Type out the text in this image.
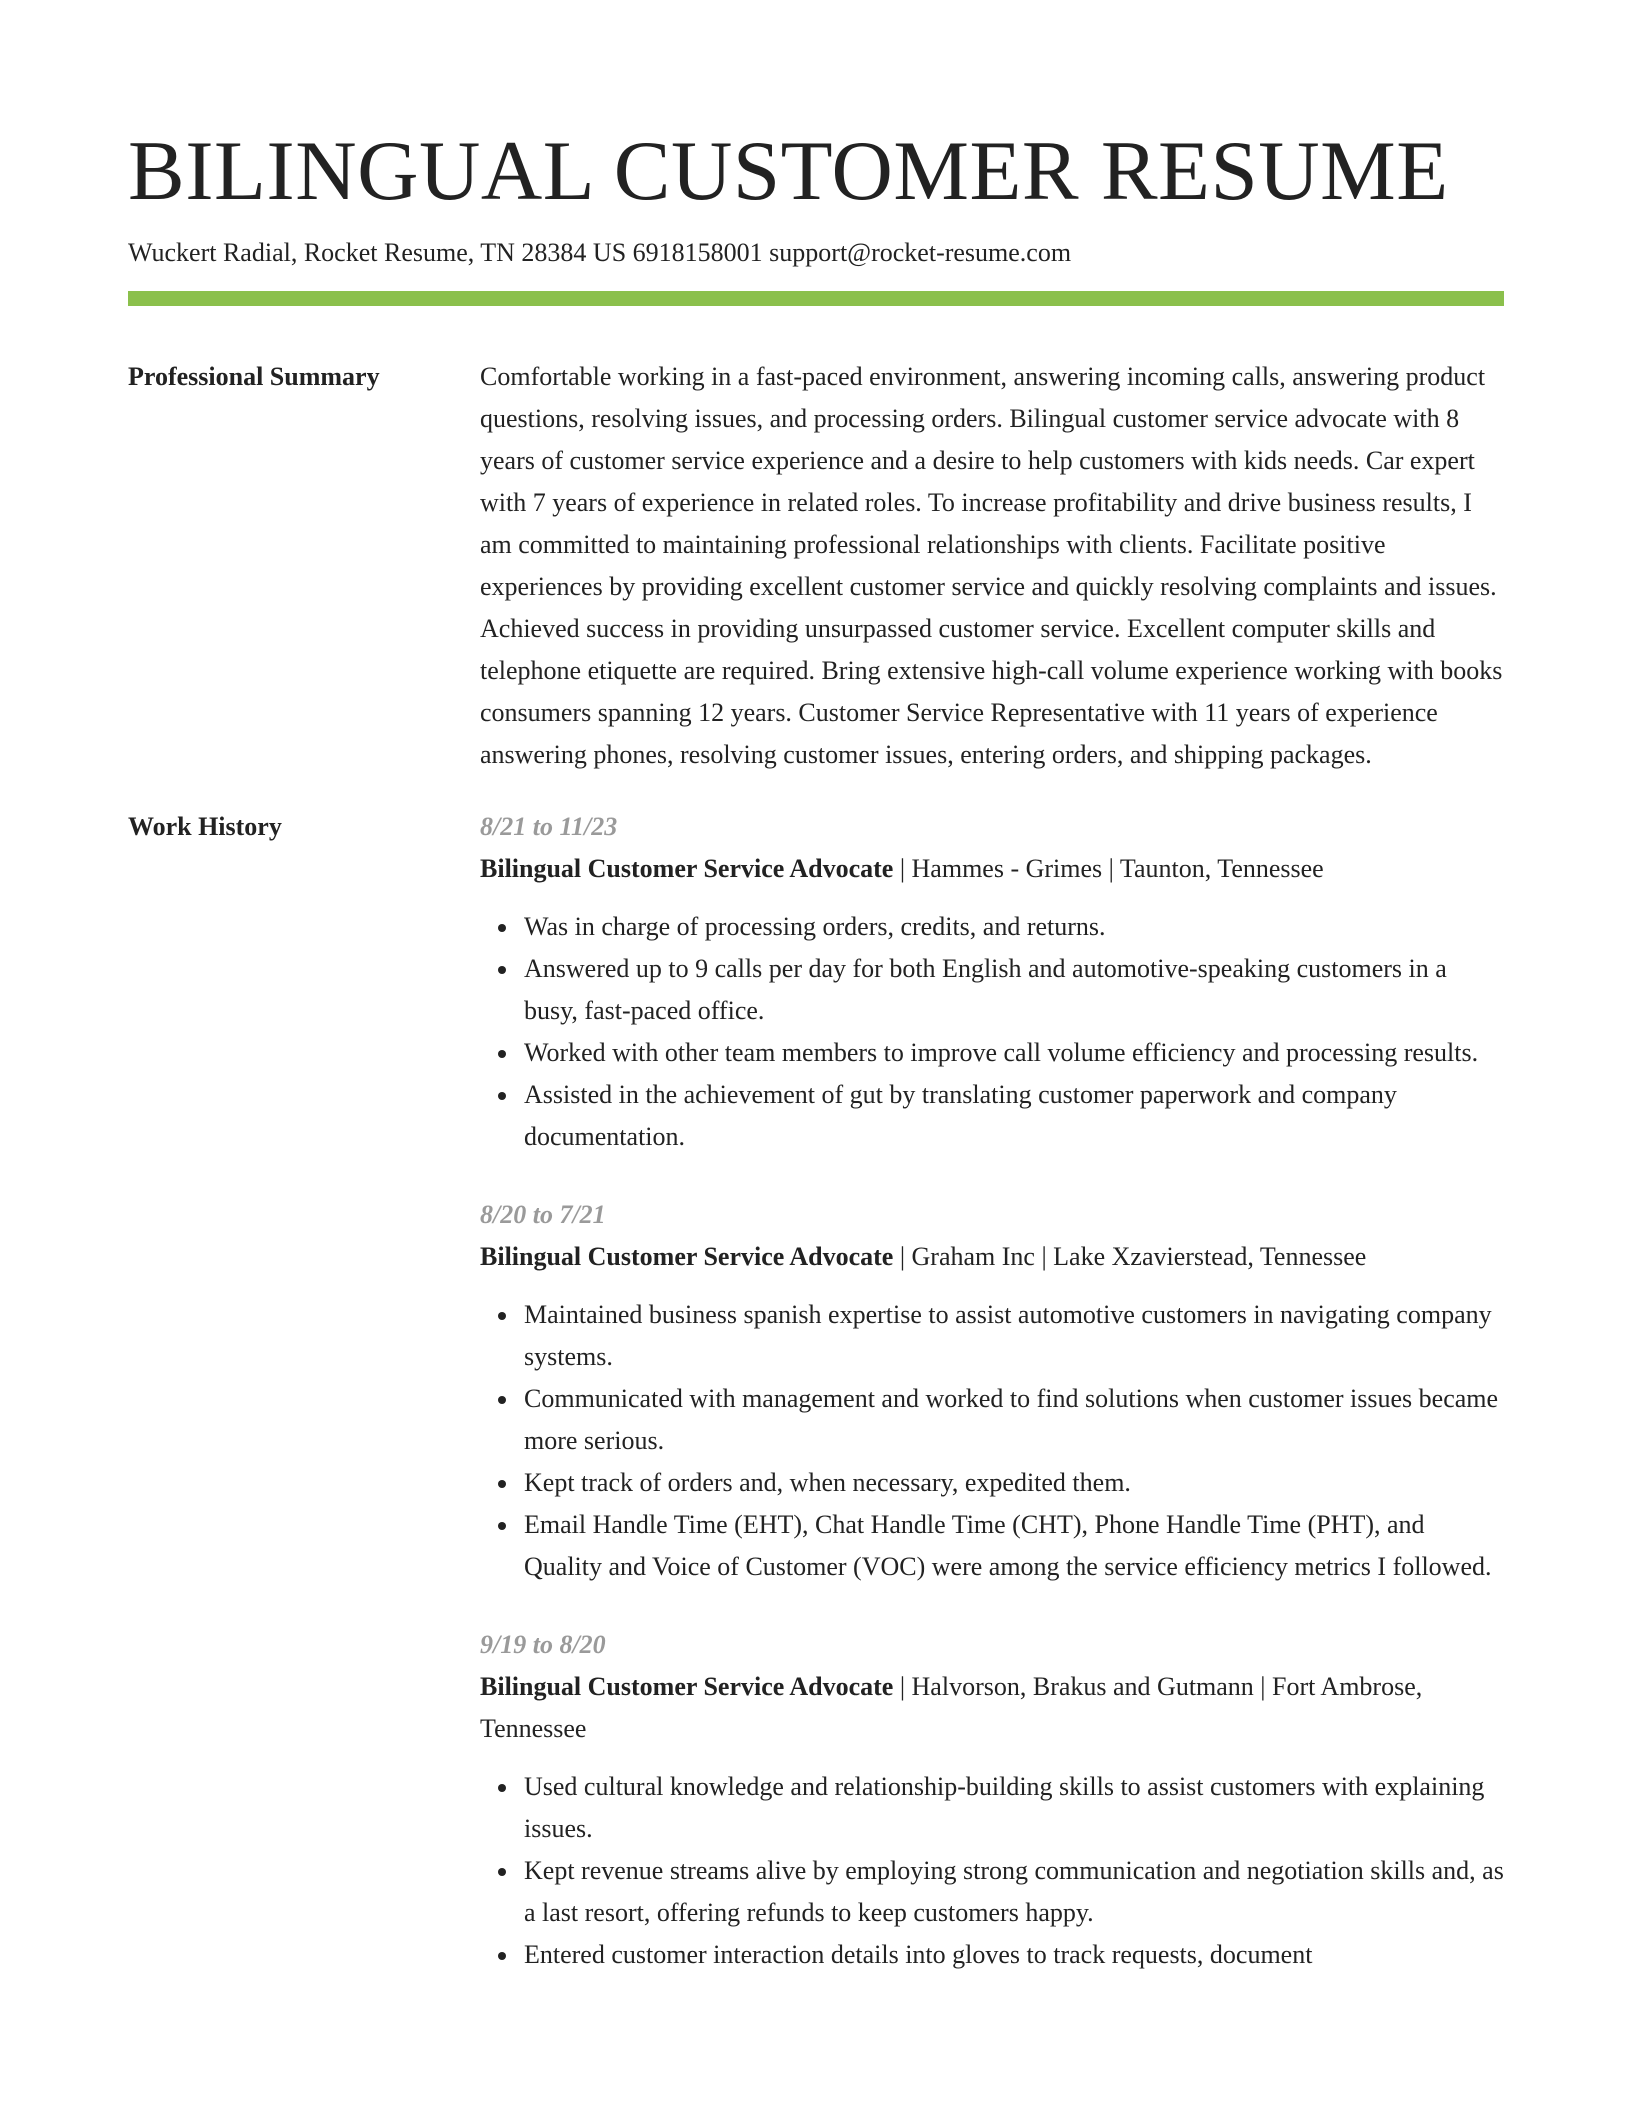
BILINGUAL CUSTOMER RESUME
Wuckert Radial, Rocket Resume, TN 28384 US 6918158001 support@rocket-resume.com
Professional Summary	Comfortable working in a fast-paced environment, answering incoming calls, answering product questions, resolving issues, and processing orders. Bilingual customer service advocate with 8 years of customer service experience and a desire to help customers with kids needs. Car expert with 7 years of experience in related roles. To increase profitability and drive business results, I am committed to maintaining professional relationships with clients. Facilitate positive experiences by providing excellent customer service and quickly resolving complaints and issues. Achieved success in providing unsurpassed customer service. Excellent computer skills and telephone etiquette are required. Bring extensive high-call volume experience working with books consumers spanning 12 years. Customer Service Representative with 11 years of experience answering phones, resolving customer issues, entering orders, and shipping packages.

Work History	8/21 to 11/23
Bilingual Customer Service Advocate | Hammes - Grimes | Taunton, Tennessee
Was in charge of processing orders, credits, and returns.
Answered up to 9 calls per day for both English and automotive-speaking customers in a busy, fast-paced office.
Worked with other team members to improve call volume efficiency and processing results.
Assisted in the achievement of gut by translating customer paperwork and company documentation.
8/20 to 7/21
Bilingual Customer Service Advocate | Graham Inc | Lake Xzavierstead, Tennessee
Maintained business spanish expertise to assist automotive customers in navigating company systems.
Communicated with management and worked to find solutions when customer issues became more serious.
Kept track of orders and, when necessary, expedited them.
Email Handle Time (EHT), Chat Handle Time (CHT), Phone Handle Time (PHT), and Quality and Voice of Customer (VOC) were among the service efficiency metrics I followed.
9/19 to 8/20
Bilingual Customer Service Advocate | Halvorson, Brakus and Gutmann | Fort Ambrose, Tennessee
Used cultural knowledge and relationship-building skills to assist customers with explaining issues.
Kept revenue streams alive by employing strong communication and negotiation skills and, as a last resort, offering refunds to keep customers happy.
Entered customer interaction details into gloves to track requests, document
